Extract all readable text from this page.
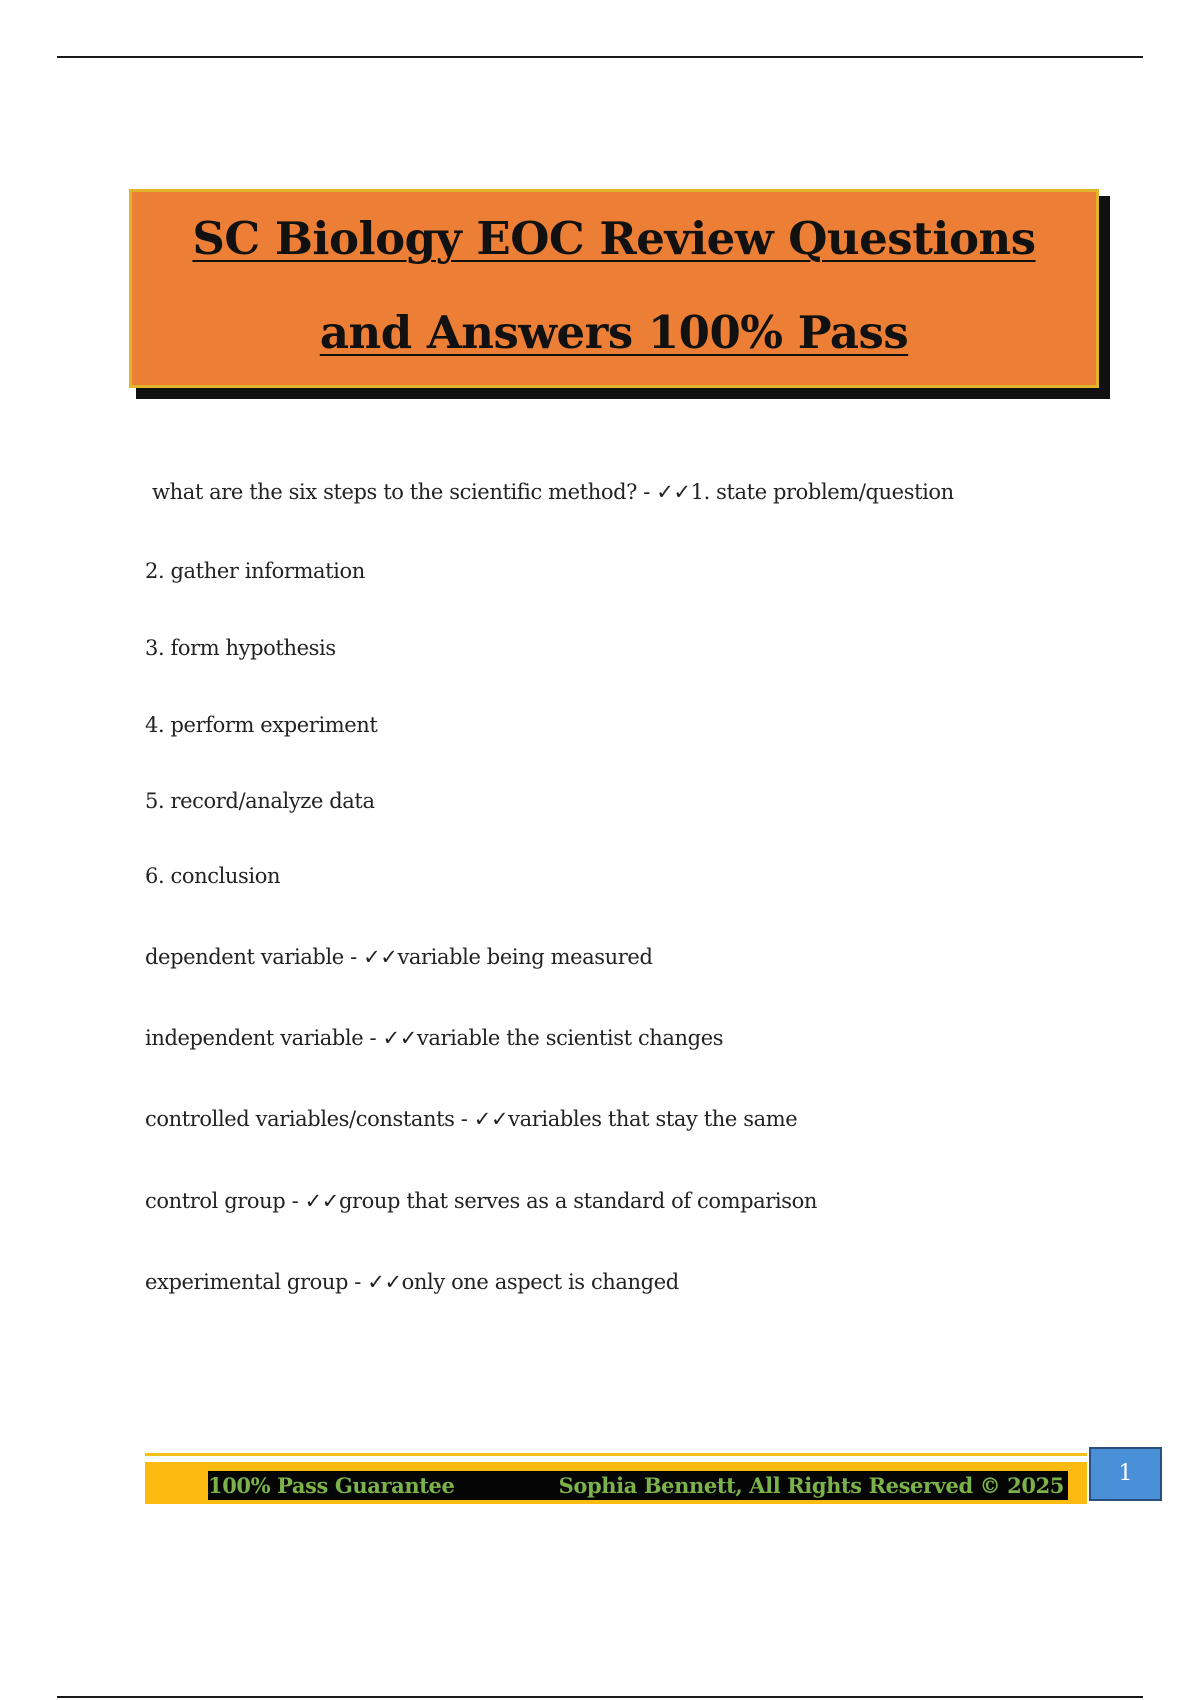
SC Biology EOC Review Questions
and Answers 100% Pass
what are the six steps to the scientific method? - ✓✓1. state problem/question
2. gather information
3. form hypothesis
4. perform experiment
5. record/analyze data
6. conclusion
dependent variable - ✓✓variable being measured
independent variable - ✓✓variable the scientist changes
controlled variables/constants - ✓✓variables that stay the same
control group - ✓✓group that serves as a standard of comparison
experimental group - ✓✓only one aspect is changed
100% Pass Guarantee	Sophia Bennett, All Rights Reserved © 2025	1
